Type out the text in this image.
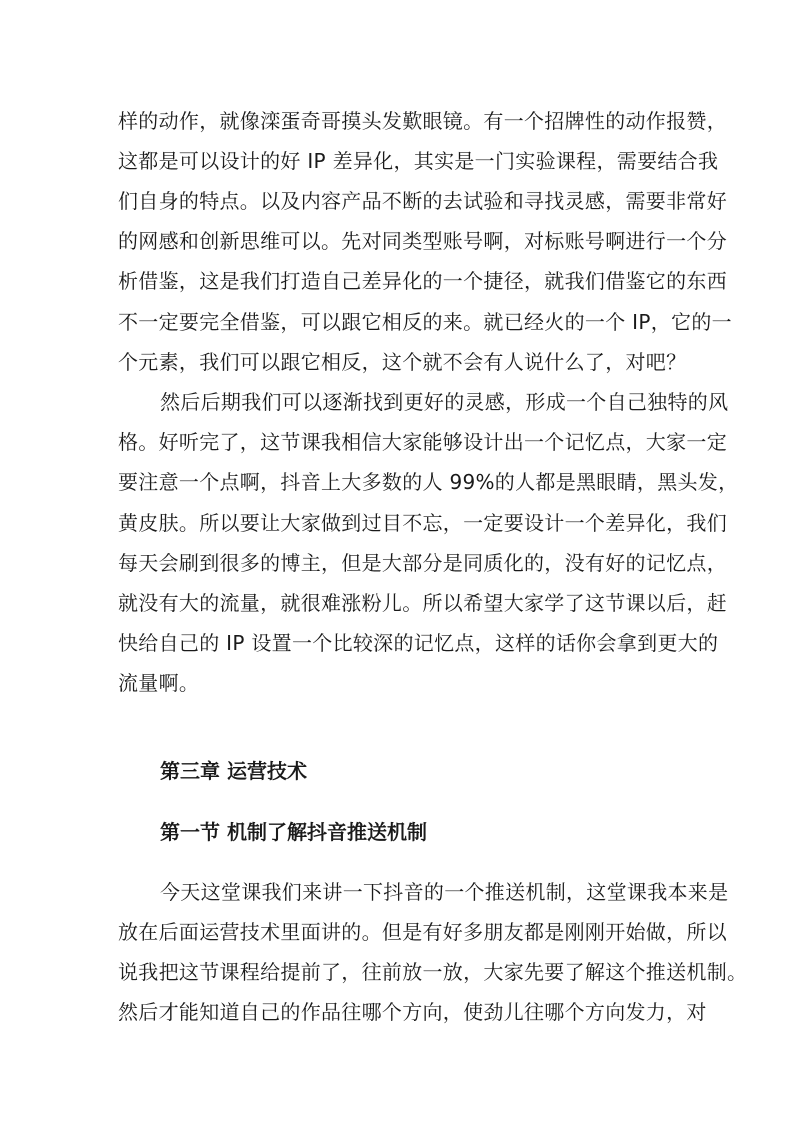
样的动作，就像滦蛋奇哥摸头发歎眼镜。有一个招牌性的动作报赞，
这都是可以设计的好 IP 差异化，其实是一门实验课程，需要结合我
们自身的特点。以及内容产品不断的去试验和寻找灵感，需要非常好
的网感和创新思维可以。先对同类型账号啊，对标账号啊进行一个分
析借鉴，这是我们打造自己差异化的一个捷径，就我们借鉴它的东西
不一定要完全借鉴，可以跟它相反的来。就已经火的一个 IP，它的一
个元素，我们可以跟它相反，这个就不会有人说什么了，对吧？
然后后期我们可以逐渐找到更好的灵感，形成一个自己独特的风
格。好听完了，这节课我相信大家能够设计出一个记忆点，大家一定
要注意一个点啊，抖音上大多数的人 99%的人都是黑眼睛，黑头发，
黄皮肤。所以要让大家做到过目不忘，一定要设计一个差异化，我们
每天会刷到很多的博主，但是大部分是同质化的，没有好的记忆点，
就没有大的流量，就很难涨粉儿。所以希望大家学了这节课以后，赶
快给自己的 IP 设置一个比较深的记忆点，这样的话你会拿到更大的
流量啊。
第三章 运营技术
第一节 机制了解抖音推送机制
今天这堂课我们来讲一下抖音的一个推送机制，这堂课我本来是
放在后面运营技术里面讲的。但是有好多朋友都是刚刚开始做，所以
说我把这节课程给提前了，往前放一放，大家先要了解这个推送机制。
然后才能知道自己的作品往哪个方向，使劲儿往哪个方向发力，对
